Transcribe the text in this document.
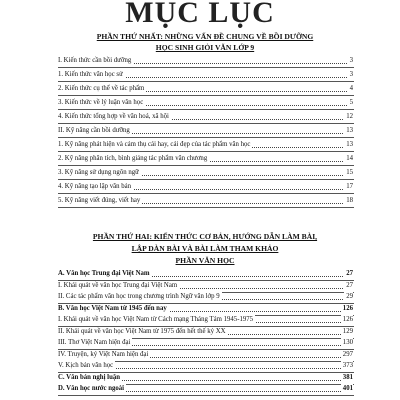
MỤC LỤC
PHẦN THỨ NHẤT: NHỮNG VẤN ĐỀ CHUNG VỀ BỒI DƯỠNG
HỌC SINH GIỎI VĂN LỚP 9
I. Kiến thức cần bồi dưỡng	3
1. Kiến thức văn học sử	3
2. Kiến thức cụ thể về tác phẩm	4
3. Kiến thức về lý luận văn học	5
4. Kiến thức tổng hợp về văn hoá, xã hội	12
II. Kỹ năng cần bồi dưỡng	13
1. Kỹ năng phát hiện và cảm thụ cái hay, cái đẹp của tác phẩm văn học	13
2. Kỹ năng phân tích, bình giảng tác phẩm văn chương	14
3. Kỹ năng sử dụng ngôn ngữ	15
4. Kỹ năng tạo lập văn bản	17
5. Kỹ năng viết đúng, viết hay	18
PHẦN THỨ HAI: KIẾN THỨC CƠ BẢN, HƯỚNG DẪN LÀM BÀI,
LẬP DÀN BÀI VÀ BÀI LÀM THAM KHẢO
PHẦN VĂN HỌC
A. Văn học Trung đại Việt Nam	27
I. Khái quát về văn học Trung đại Việt Nam	27
II. Các tác phẩm văn học trong chương trình Ngữ văn lớp 9	29
B. Văn học Việt Nam từ 1945 đến nay	126
I. Khái quát về văn học Việt Nam từ Cách mạng Tháng Tám 1945-1975	126
II. Khái quát về văn học Việt Nam từ 1975 đến hết thế kỷ XX	129
III. Thơ Việt Nam hiện đại	130
IV. Truyện, ký Việt Nam hiện đại	297
V. Kịch bản văn học	373
C. Văn bản nghị luận	381
D. Văn học nước ngoài	401
